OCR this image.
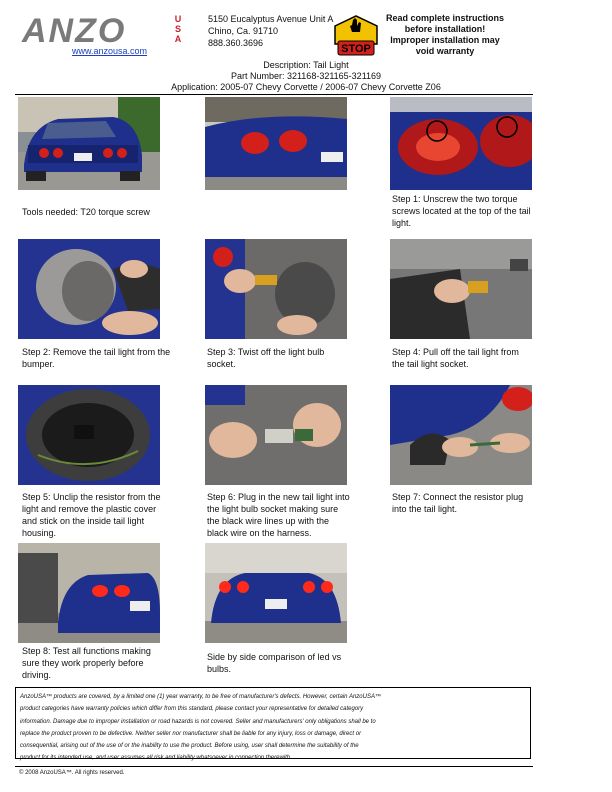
ANZO	USA
www.anzousa.com
5150 Eucalyptus Avenue Unit A
Chino, Ca. 91710
888.360.3696	STOP
Read complete instructions
before installation!
Improper installation may
void warranty
Description: Tail Light
Part Number: 321168-321165-321169
Application: 2005-07 Chevy Corvette / 2006-07 Chevy Corvette Z06
Tools needed: T20 torque screw
Step 1: Unscrew the two torque screws located at the top of the tail light.
Step 2: Remove the tail light from the bumper.
Step 3: Twist off the light bulb socket.
Step 4: Pull off the tail light from the tail light socket.
Step 5: Unclip the resistor from the light and remove the plastic cover and stick on the inside tail light housing.
Step 6: Plug in the new tail light into the light bulb socket making sure the black wire lines up with the black wire on the harness.
Step 7: Connect the resistor plug into the tail light.
Step 8: Test all functions making sure they work properly before driving.
Side by side comparison of led vs bulbs.
AnzoUSA™ products are covered, by a limited one (1) year warranty, to be free of manufacturer's defects. However, certain AnzoUSA™
product categories have warranty policies which differ from this standard, please contact your representative for detailed category
information. Damage due to improper installation or road hazards is not covered. Seller and manufacturers' only obligations shall be to
replace the product proven to be defective. Neither seller nor manufacturer shall be liable for any injury, loss or damage, direct or
consequential, arising out of the use of or the inability to use the product. Before using, user shall determine the suitability of the
product for its intended use, and user assumes all risk and liability whatsoever in connection therewith.
© 2008 AnzoUSA™. All rights reserved.
